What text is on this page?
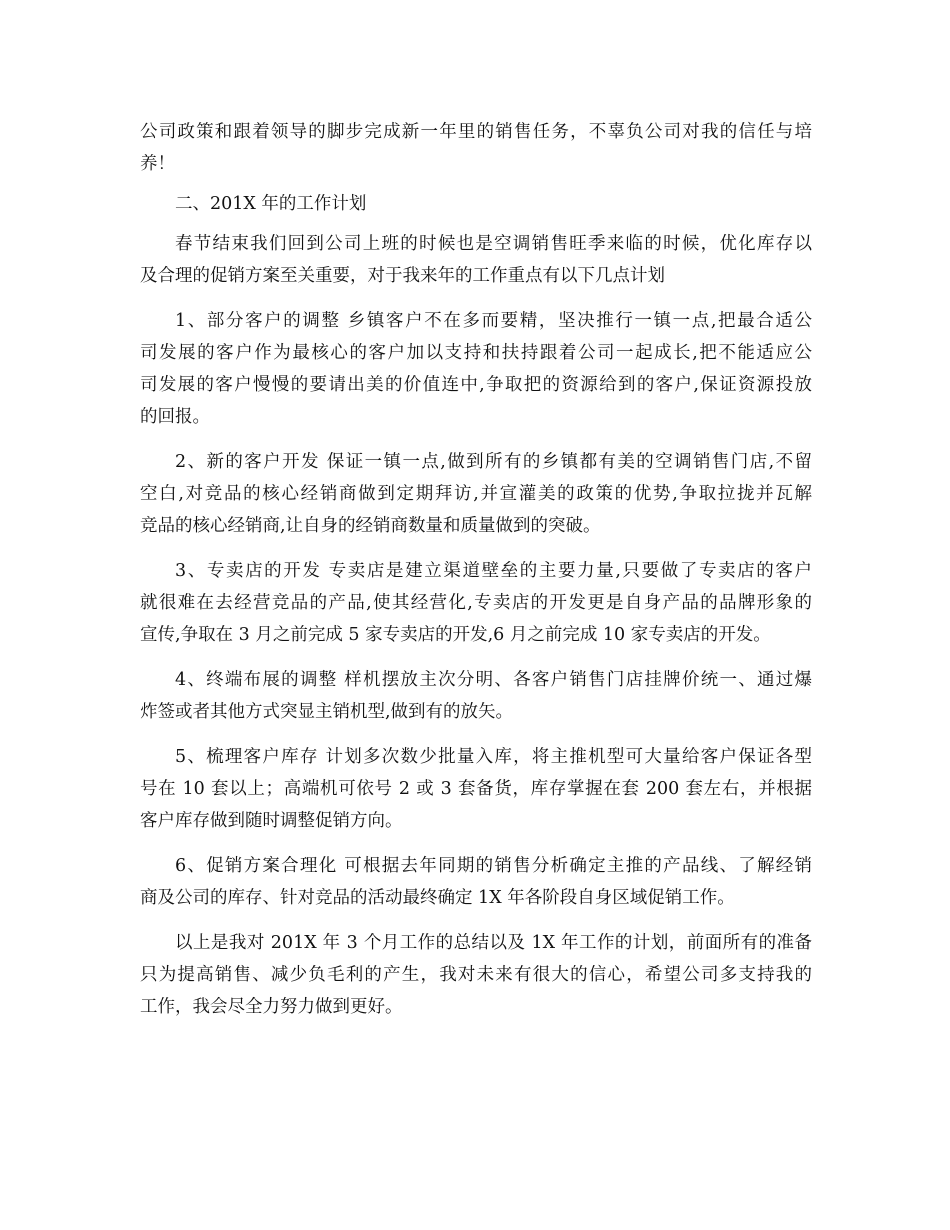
公司政策和跟着领导的脚步完成新一年里的销售任务，不辜负公司对我的信任与培
养！
二、201X 年的工作计划
春节结束我们回到公司上班的时候也是空调销售旺季来临的时候，优化库存以
及合理的促销方案至关重要，对于我来年的工作重点有以下几点计划
1、部分客户的调整 乡镇客户不在多而要精，坚决推行一镇一点,把最合适公
司发展的客户作为最核心的客户加以支持和扶持跟着公司一起成长,把不能适应公
司发展的客户慢慢的要请出美的价值连中,争取把的资源给到的客户,保证资源投放
的回报。
2、新的客户开发 保证一镇一点,做到所有的乡镇都有美的空调销售门店,不留
空白,对竞品的核心经销商做到定期拜访,并宣灌美的政策的优势,争取拉拢并瓦解
竞品的核心经销商,让自身的经销商数量和质量做到的突破。
3、专卖店的开发 专卖店是建立渠道壁垒的主要力量,只要做了专卖店的客户
就很难在去经营竞品的产品,使其经营化,专卖店的开发更是自身产品的品牌形象的
宣传,争取在 3 月之前完成 5 家专卖店的开发,6 月之前完成 10 家专卖店的开发。
4、终端布展的调整 样机摆放主次分明、各客户销售门店挂牌价统一、通过爆
炸签或者其他方式突显主销机型,做到有的放矢。
5、梳理客户库存 计划多次数少批量入库，将主推机型可大量给客户保证各型
号在 10 套以上；高端机可依号 2 或 3 套备货，库存掌握在套 200 套左右，并根据
客户库存做到随时调整促销方向。
6、促销方案合理化 可根据去年同期的销售分析确定主推的产品线、了解经销
商及公司的库存、针对竞品的活动最终确定 1X 年各阶段自身区域促销工作。
以上是我对 201X 年 3 个月工作的总结以及 1X 年工作的计划，前面所有的准备
只为提高销售、减少负毛利的产生，我对未来有很大的信心，希望公司多支持我的
工作，我会尽全力努力做到更好。
